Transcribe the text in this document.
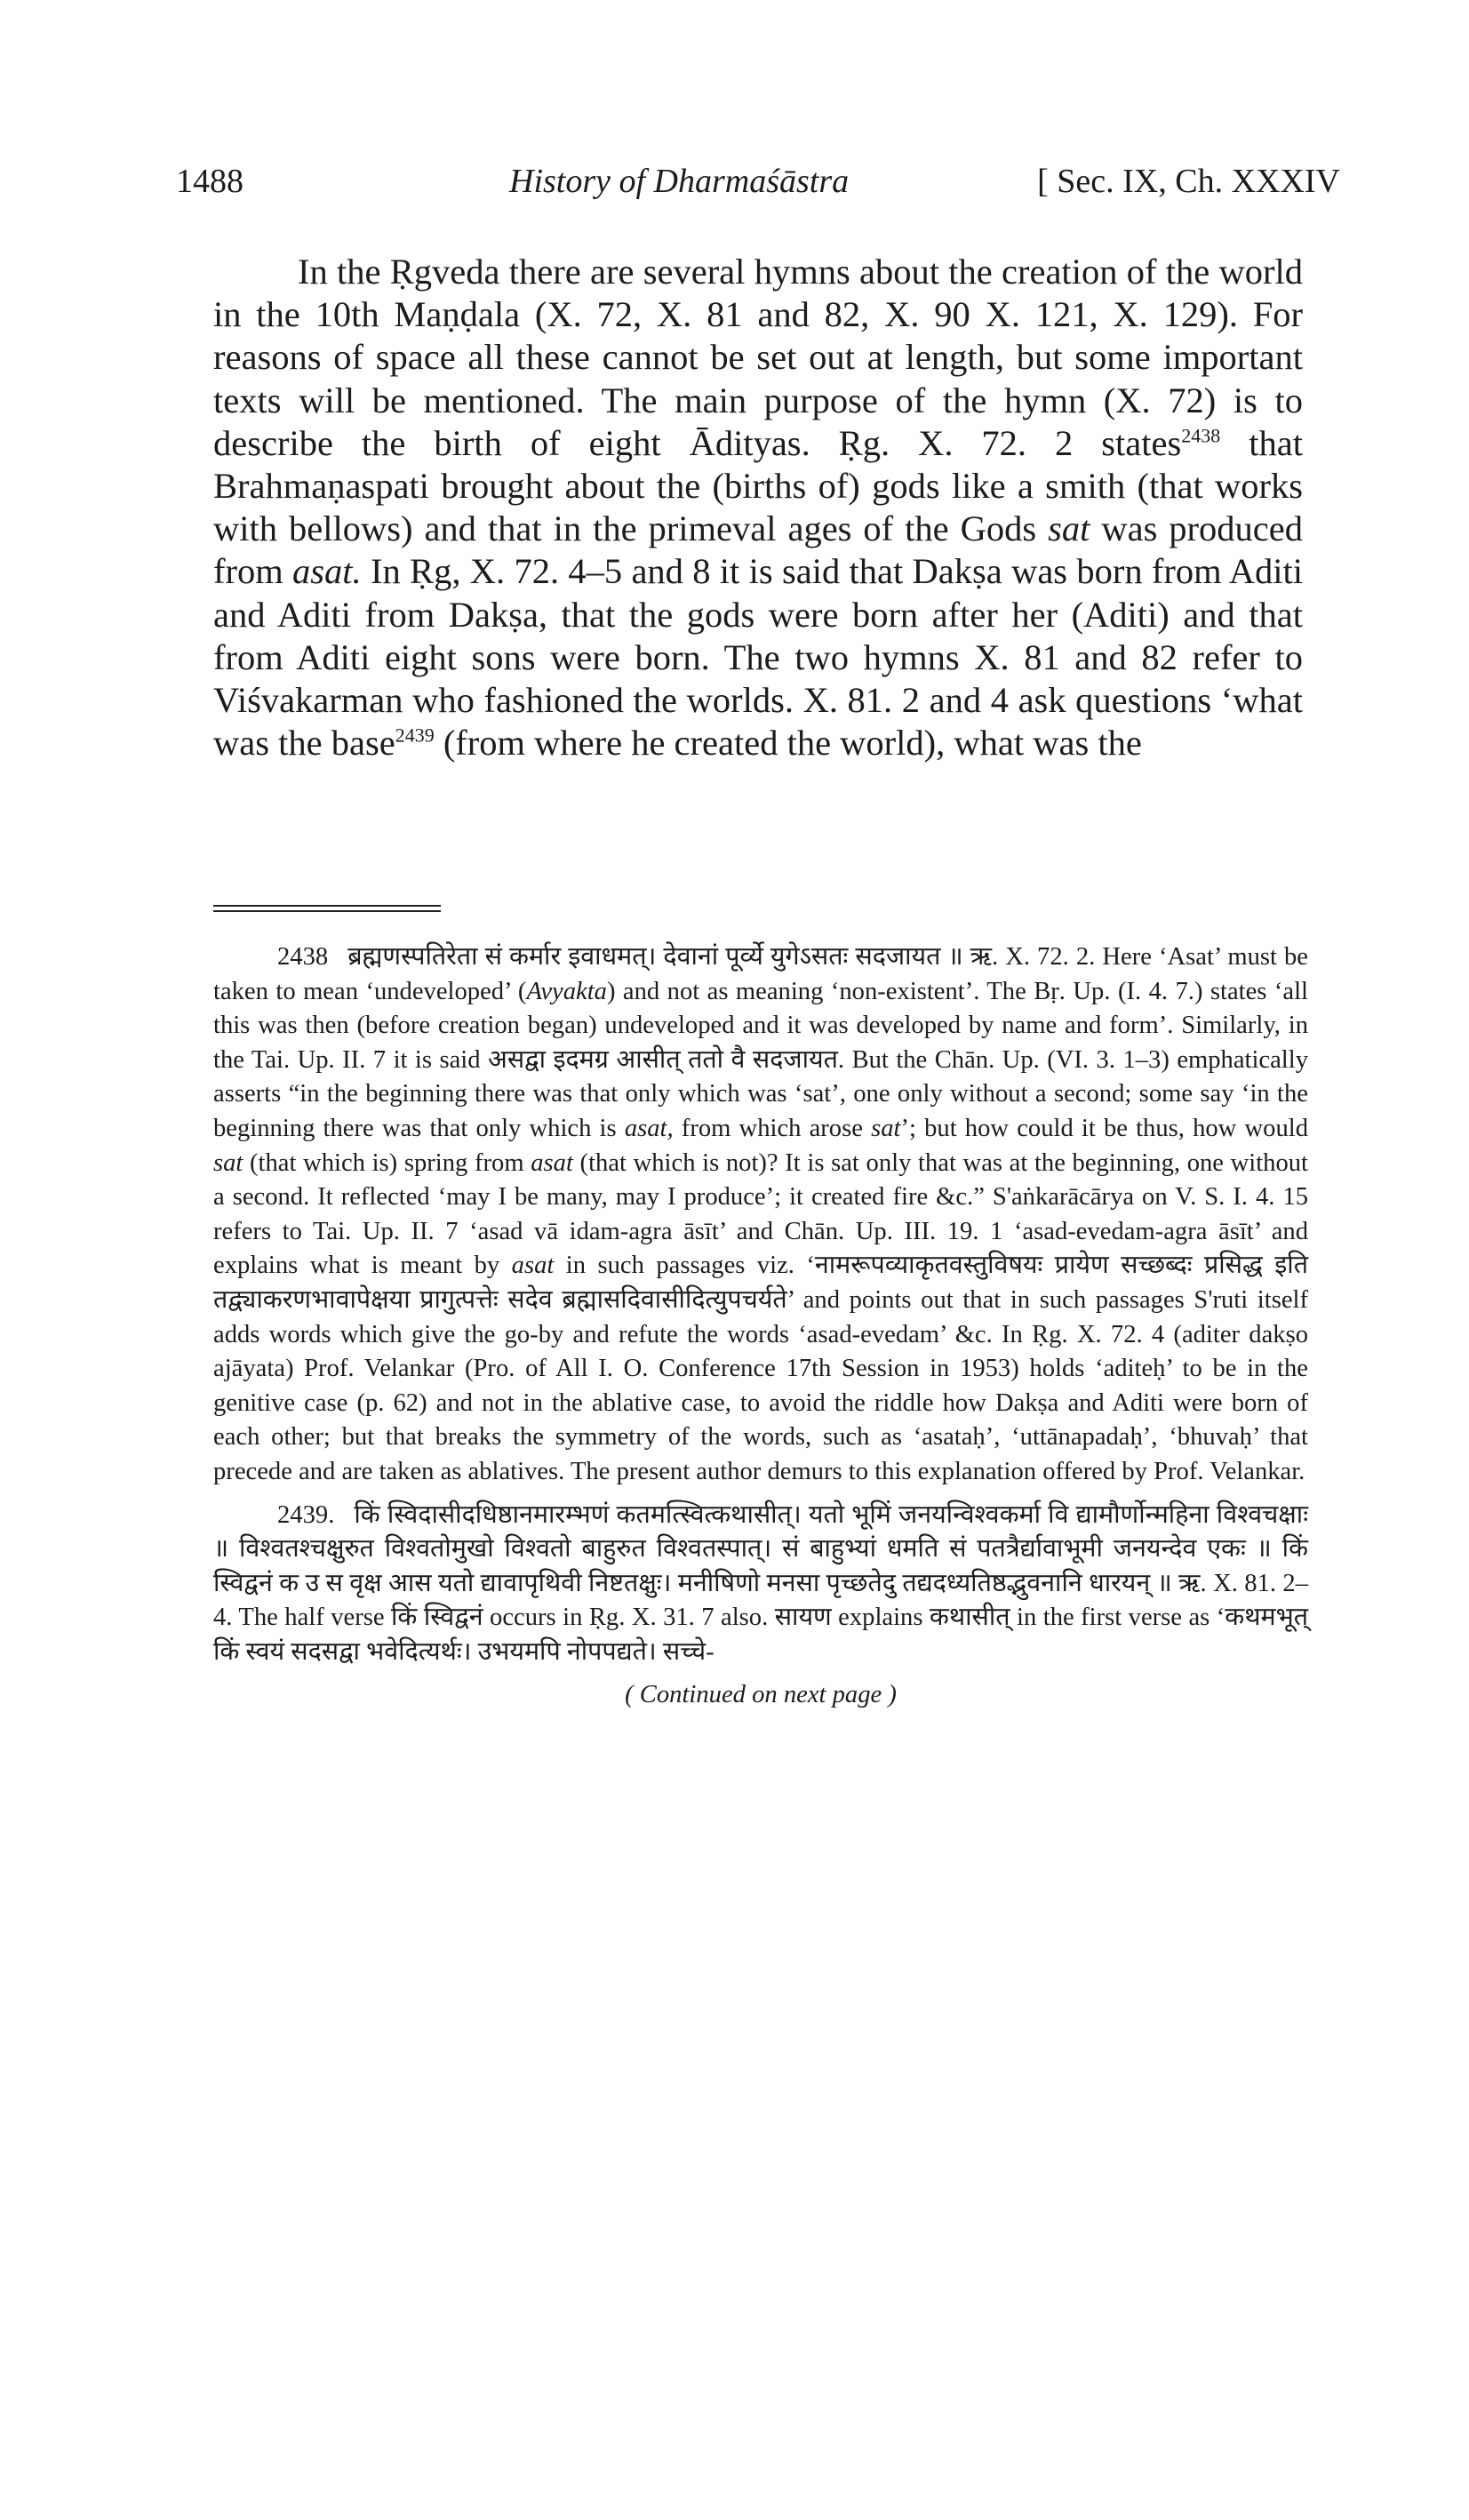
1488	History of Dharmaśāstra	[ Sec. IX, Ch. XXXIV
In the Ṛgveda there are several hymns about the creation of the world in the 10th Maṇḍala (X. 72, X. 81 and 82, X. 90 X. 121, X. 129). For reasons of space all these cannot be set out at length, but some important texts will be mentioned. The main purpose of the hymn (X. 72) is to describe the birth of eight Ādityas. Ṛg. X. 72. 2 states$^{2438}$ that Brahmaṇaspati brought about the (births of) gods like a smith (that works with bellows) and that in the primeval ages of the Gods sat was produced from asat. In Ṛg, X. 72. 4–5 and 8 it is said that Dakṣa was born from Aditi and Aditi from Dakṣa, that the gods were born after her (Aditi) and that from Aditi eight sons were born. The two hymns X. 81 and 82 refer to Viśvakarman who fashioned the worlds. X. 81. 2 and 4 ask questions ‘what was the base$^{2439}$ (from where he created the world), what was the

2438 ब्रह्मणस्पतिरेता सं कर्मार इवाधमत्। देवानां पूर्व्ये युगेऽसतः सदजायत ॥ ऋ. X. 72. 2. Here ‘Asat’ must be taken to mean ‘undeveloped’ (Avyakta) and not as meaning ‘non-existent’. The Bṛ. Up. (I. 4. 7.) states ‘all this was then (before creation began) undeveloped and it was developed by name and form’. Similarly, in the Tai. Up. II. 7 it is said असद्वा इदमग्र आसीत् ततो वै सदजायत. But the Chān. Up. (VI. 3. 1–3) emphatically asserts “in the beginning there was that only which was ‘sat’, one only without a second; some say ‘in the beginning there was that only which is asat, from which arose sat’; but how could it be thus, how would sat (that which is) spring from asat (that which is not)? It is sat only that was at the beginning, one without a second. It reflected ‘may I be many, may I produce’; it created fire &c.” S'aṅkarācārya on V. S. I. 4. 15 refers to Tai. Up. II. 7 ‘asad vā idam-agra āsīt’ and Chān. Up. III. 19. 1 ‘asad-evedam-agra āsīt’ and explains what is meant by asat in such passages viz. ‘नामरूपव्याकृतवस्तुविषयः प्रायेण सच्छब्दः प्रसिद्ध इति तद्व्याकरणभावापेक्षया प्रागुत्पत्तेः सदेव ब्रह्मासदिवासीदित्युपचर्यते’ and points out that in such passages S'ruti itself adds words which give the go-by and refute the words ‘asad-evedam’ &c. In Ṛg. X. 72. 4 (aditer dakṣo ajāyata) Prof. Velankar (Pro. of All I. O. Conference 17th Session in 1953) holds ‘aditeḥ’ to be in the genitive case (p. 62) and not in the ablative case, to avoid the riddle how Dakṣa and Aditi were born of each other; but that breaks the symmetry of the words, such as ‘asataḥ’, ‘uttānapadaḥ’, ‘bhuvaḥ’ that precede and are taken as ablatives. The present author demurs to this explanation offered by Prof. Velankar.

2439. किं स्विदासीदधिष्ठानमारम्भणं कतमत्स्वित्कथासीत्। यतो भूमिं जनयन्विश्वकर्मा वि द्यामौर्णोन्महिना विश्वचक्षाः ॥ विश्वतश्चक्षुरुत विश्वतोमुखो विश्वतो बाहुरुत विश्वतस्पात्। सं बाहुभ्यां धमति सं पतत्रैर्द्यावाभूमी जनयन्देव एकः ॥ किं स्विद्वनं क उ स वृक्ष आस यतो द्यावापृथिवी निष्टतक्षुः। मनीषिणो मनसा पृच्छतेदु तद्यदध्यतिष्ठद्भुवनानि धारयन् ॥ ऋ. X. 81. 2–4. The half verse किं स्विद्वनं occurs in Ṛg. X. 31. 7 also. सायण explains कथासीत् in the first verse as ‘कथमभूत् किं स्वयं सदसद्वा भवेदित्यर्थः। उभयमपि नोपपद्यते। सच्चे-

( Continued on next page )
